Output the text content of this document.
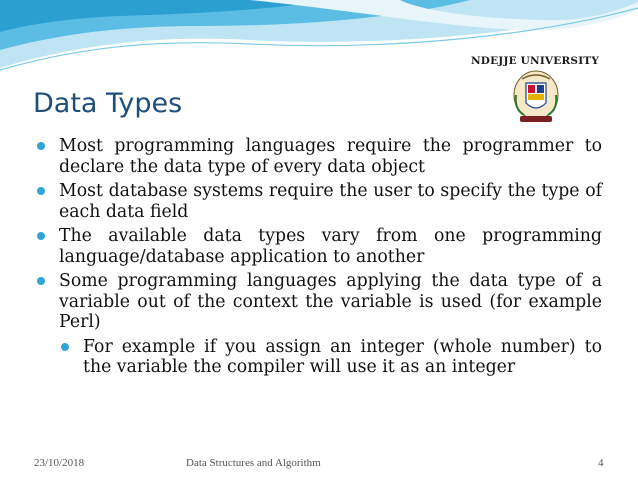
NDEJJE UNIVERSITY
Data Types
Most programming languages require the programmer to declare the data type of every data object
Most database systems require the user to specify the type of each data field
The available data types vary from one programming language/database application to another
Some programming languages applying the data type of a variable out of the context the variable is used (for example Perl)
For example if you assign an integer (whole number) to the variable the compiler will use it as an integer
23/10/2018	Data Structures and Algorithm	4
